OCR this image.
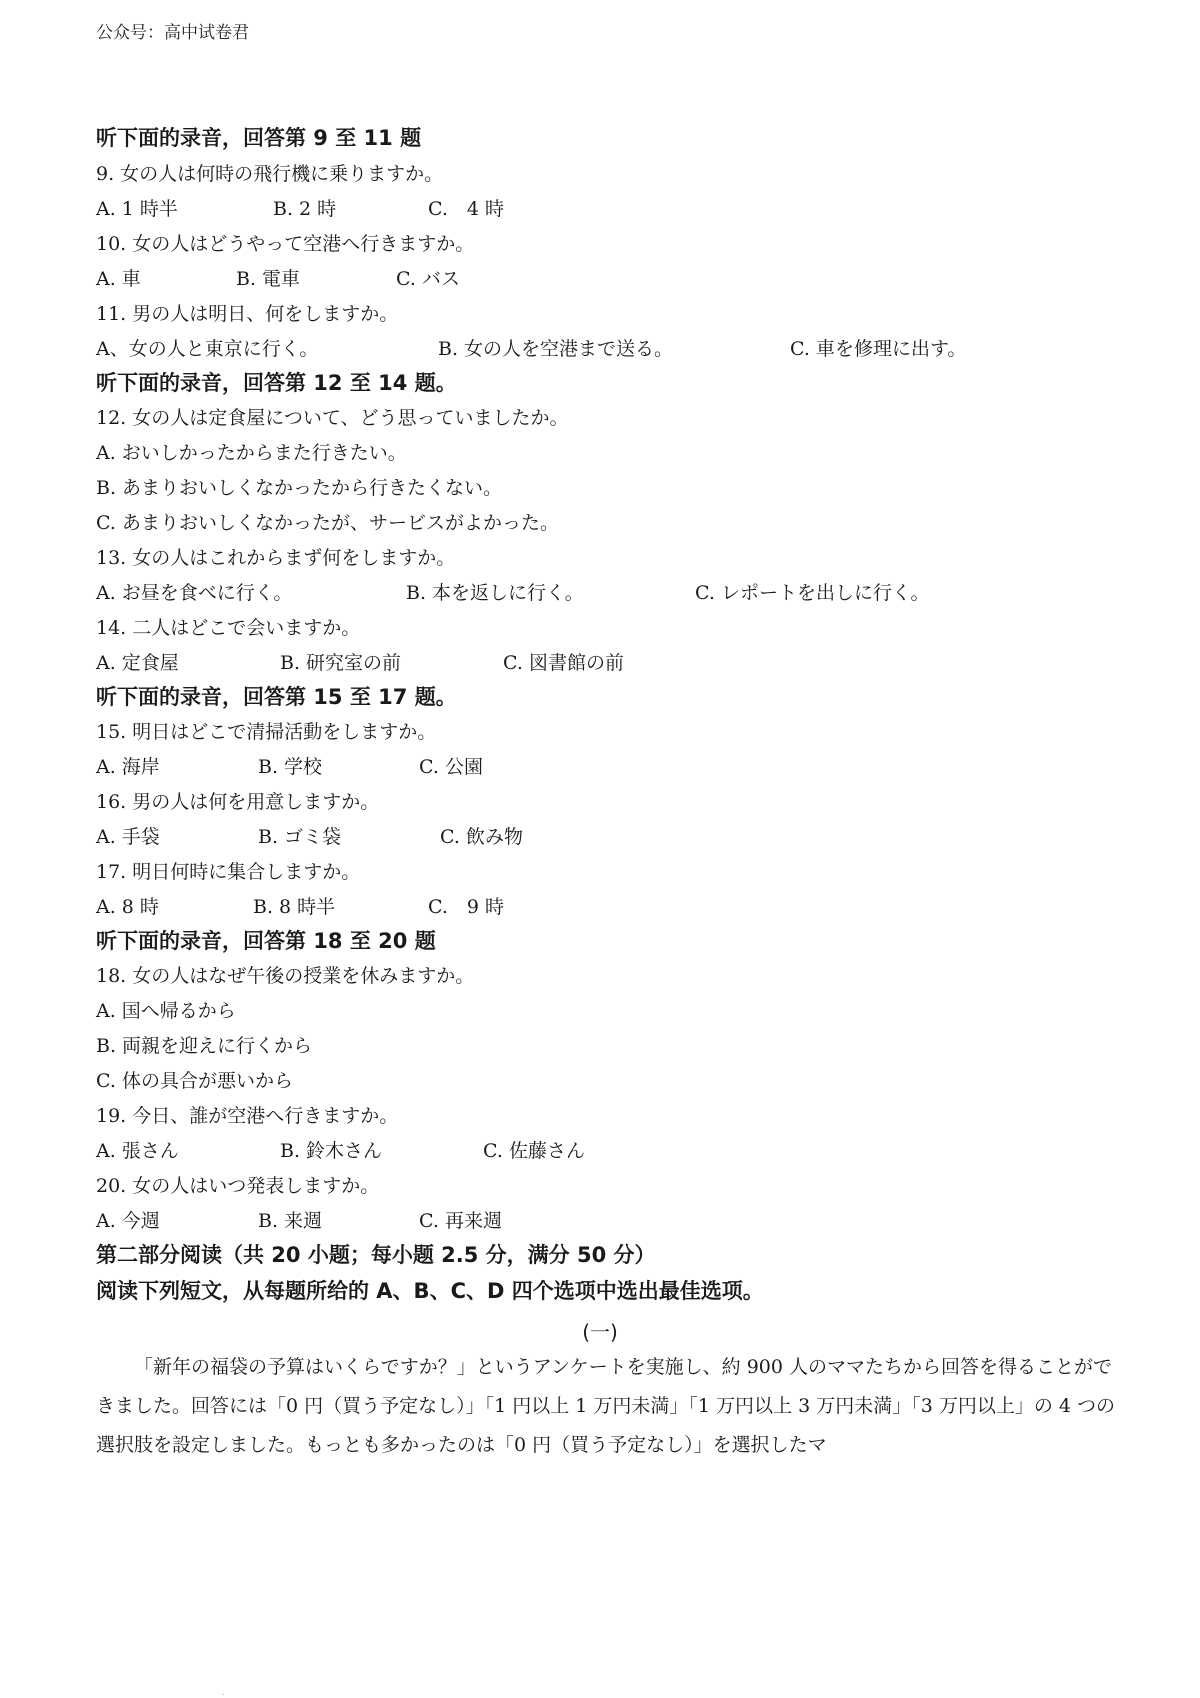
公众号：高中试卷君
听下面的录音，回答第 9 至 11 题
9. 女の人は何時の飛行機に乗りますか。
A. 1 時半	B. 2 時	C.　4 時
10. 女の人はどうやって空港へ行きますか。
A. 車	B. 電車	C. バス
11. 男の人は明日、何をしますか。
A、女の人と東京に行く。	B. 女の人を空港まで送る。	C. 車を修理に出す。
听下面的录音，回答第 12 至 14 题。
12. 女の人は定食屋について、どう思っていましたか。
A. おいしかったからまた行きたい。
B. あまりおいしくなかったから行きたくない。
C. あまりおいしくなかったが、サービスがよかった。
13. 女の人はこれからまず何をしますか。
A. お昼を食べに行く。	B. 本を返しに行く。	C. レポートを出しに行く。
14. 二人はどこで会いますか。
A. 定食屋	B. 研究室の前	C. 図書館の前
听下面的录音，回答第 15 至 17 题。
15. 明日はどこで清掃活動をしますか。
A. 海岸	B. 学校	C. 公園
16. 男の人は何を用意しますか。
A. 手袋	B. ゴミ袋	C. 飲み物
17. 明日何時に集合しますか。
A. 8 時	B. 8 時半	C.　9 時
听下面的录音，回答第 18 至 20 题
18. 女の人はなぜ午後の授業を休みますか。
A. 国へ帰るから
B. 両親を迎えに行くから
C. 体の具合が悪いから
19. 今日、誰が空港へ行きますか。
A. 張さん	B. 鈴木さん	C. 佐藤さん
20. 女の人はいつ発表しますか。
A. 今週	B. 来週	C. 再来週
第二部分阅读（共 20 小题；每小题 2.5 分，满分 50 分）
阅读下列短文，从每题所给的 A、B、C、D 四个选项中选出最佳选项。
(一)
「新年の福袋の予算はいくらですか？」というアンケートを実施し、約 900 人のママたちから回答を得ることができました。回答には「0 円（買う予定なし）」「1 円以上 1 万円未満」「1 万円以上 3 万円未満」「3 万円以上」の 4 つの選択肢を設定しました。もっとも多かったのは「0 円（買う予定なし）」を選択したマ
.
